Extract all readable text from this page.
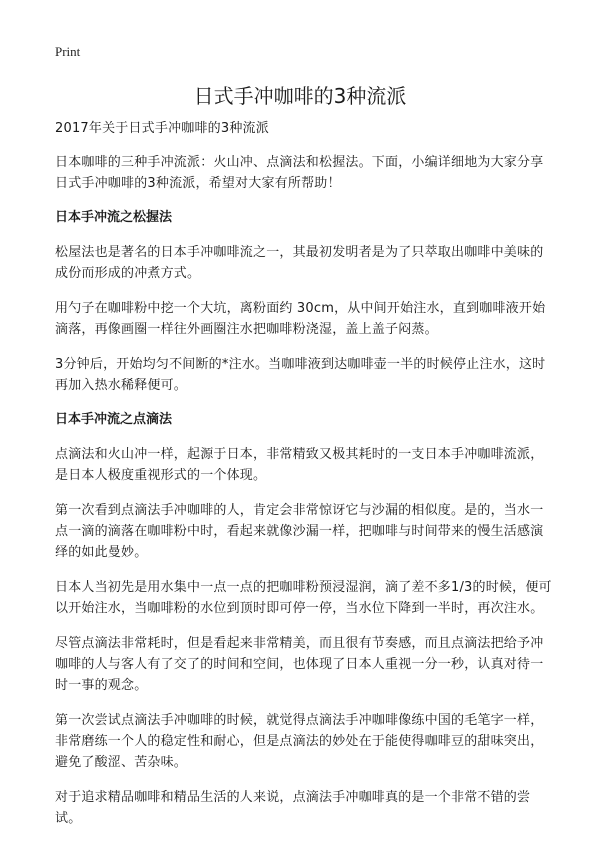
Print
日式手冲咖啡的3种流派

2017年关于日式手冲咖啡的3种流派

日本咖啡的三种手冲流派：火山冲、点滴法和松握法。下面，小编详细地为大家分享日式手冲咖啡的3种流派，希望对大家有所帮助！

日本手冲流之松握法

松屋法也是著名的日本手冲咖啡流之一，其最初发明者是为了只萃取出咖啡中美味的成份而形成的冲煮方式。

用勺子在咖啡粉中挖一个大坑，离粉面约 30cm，从中间开始注水，直到咖啡液开始滴落，再像画圈一样往外画圈注水把咖啡粉浇湿，盖上盖子闷蒸。

3分钟后，开始均匀不间断的*注水。当咖啡液到达咖啡壶一半的时候停止注水，这时再加入热水稀释便可。

日本手冲流之点滴法

点滴法和火山冲一样，起源于日本，非常精致又极其耗时的一支日本手冲咖啡流派，是日本人极度重视形式的一个体现。

第一次看到点滴法手冲咖啡的人，肯定会非常惊讶它与沙漏的相似度。是的，当水一点一滴的滴落在咖啡粉中时，看起来就像沙漏一样，把咖啡与时间带来的慢生活感演绎的如此曼妙。

日本人当初先是用水集中一点一点的把咖啡粉预浸湿润，滴了差不多1/3的时候，便可以开始注水，当咖啡粉的水位到顶时即可停一停，当水位下降到一半时，再次注水。

尽管点滴法非常耗时，但是看起来非常精美，而且很有节奏感，而且点滴法把给予冲咖啡的人与客人有了交了的时间和空间，也体现了日本人重视一分一秒，认真对待一时一事的观念。

第一次尝试点滴法手冲咖啡的时候，就觉得点滴法手冲咖啡像练中国的毛笔字一样，非常磨练一个人的稳定性和耐心，但是点滴法的妙处在于能使得咖啡豆的甜味突出，避免了酸涩、苦杂味。

对于追求精品咖啡和精品生活的人来说，点滴法手冲咖啡真的是一个非常不错的尝试。
